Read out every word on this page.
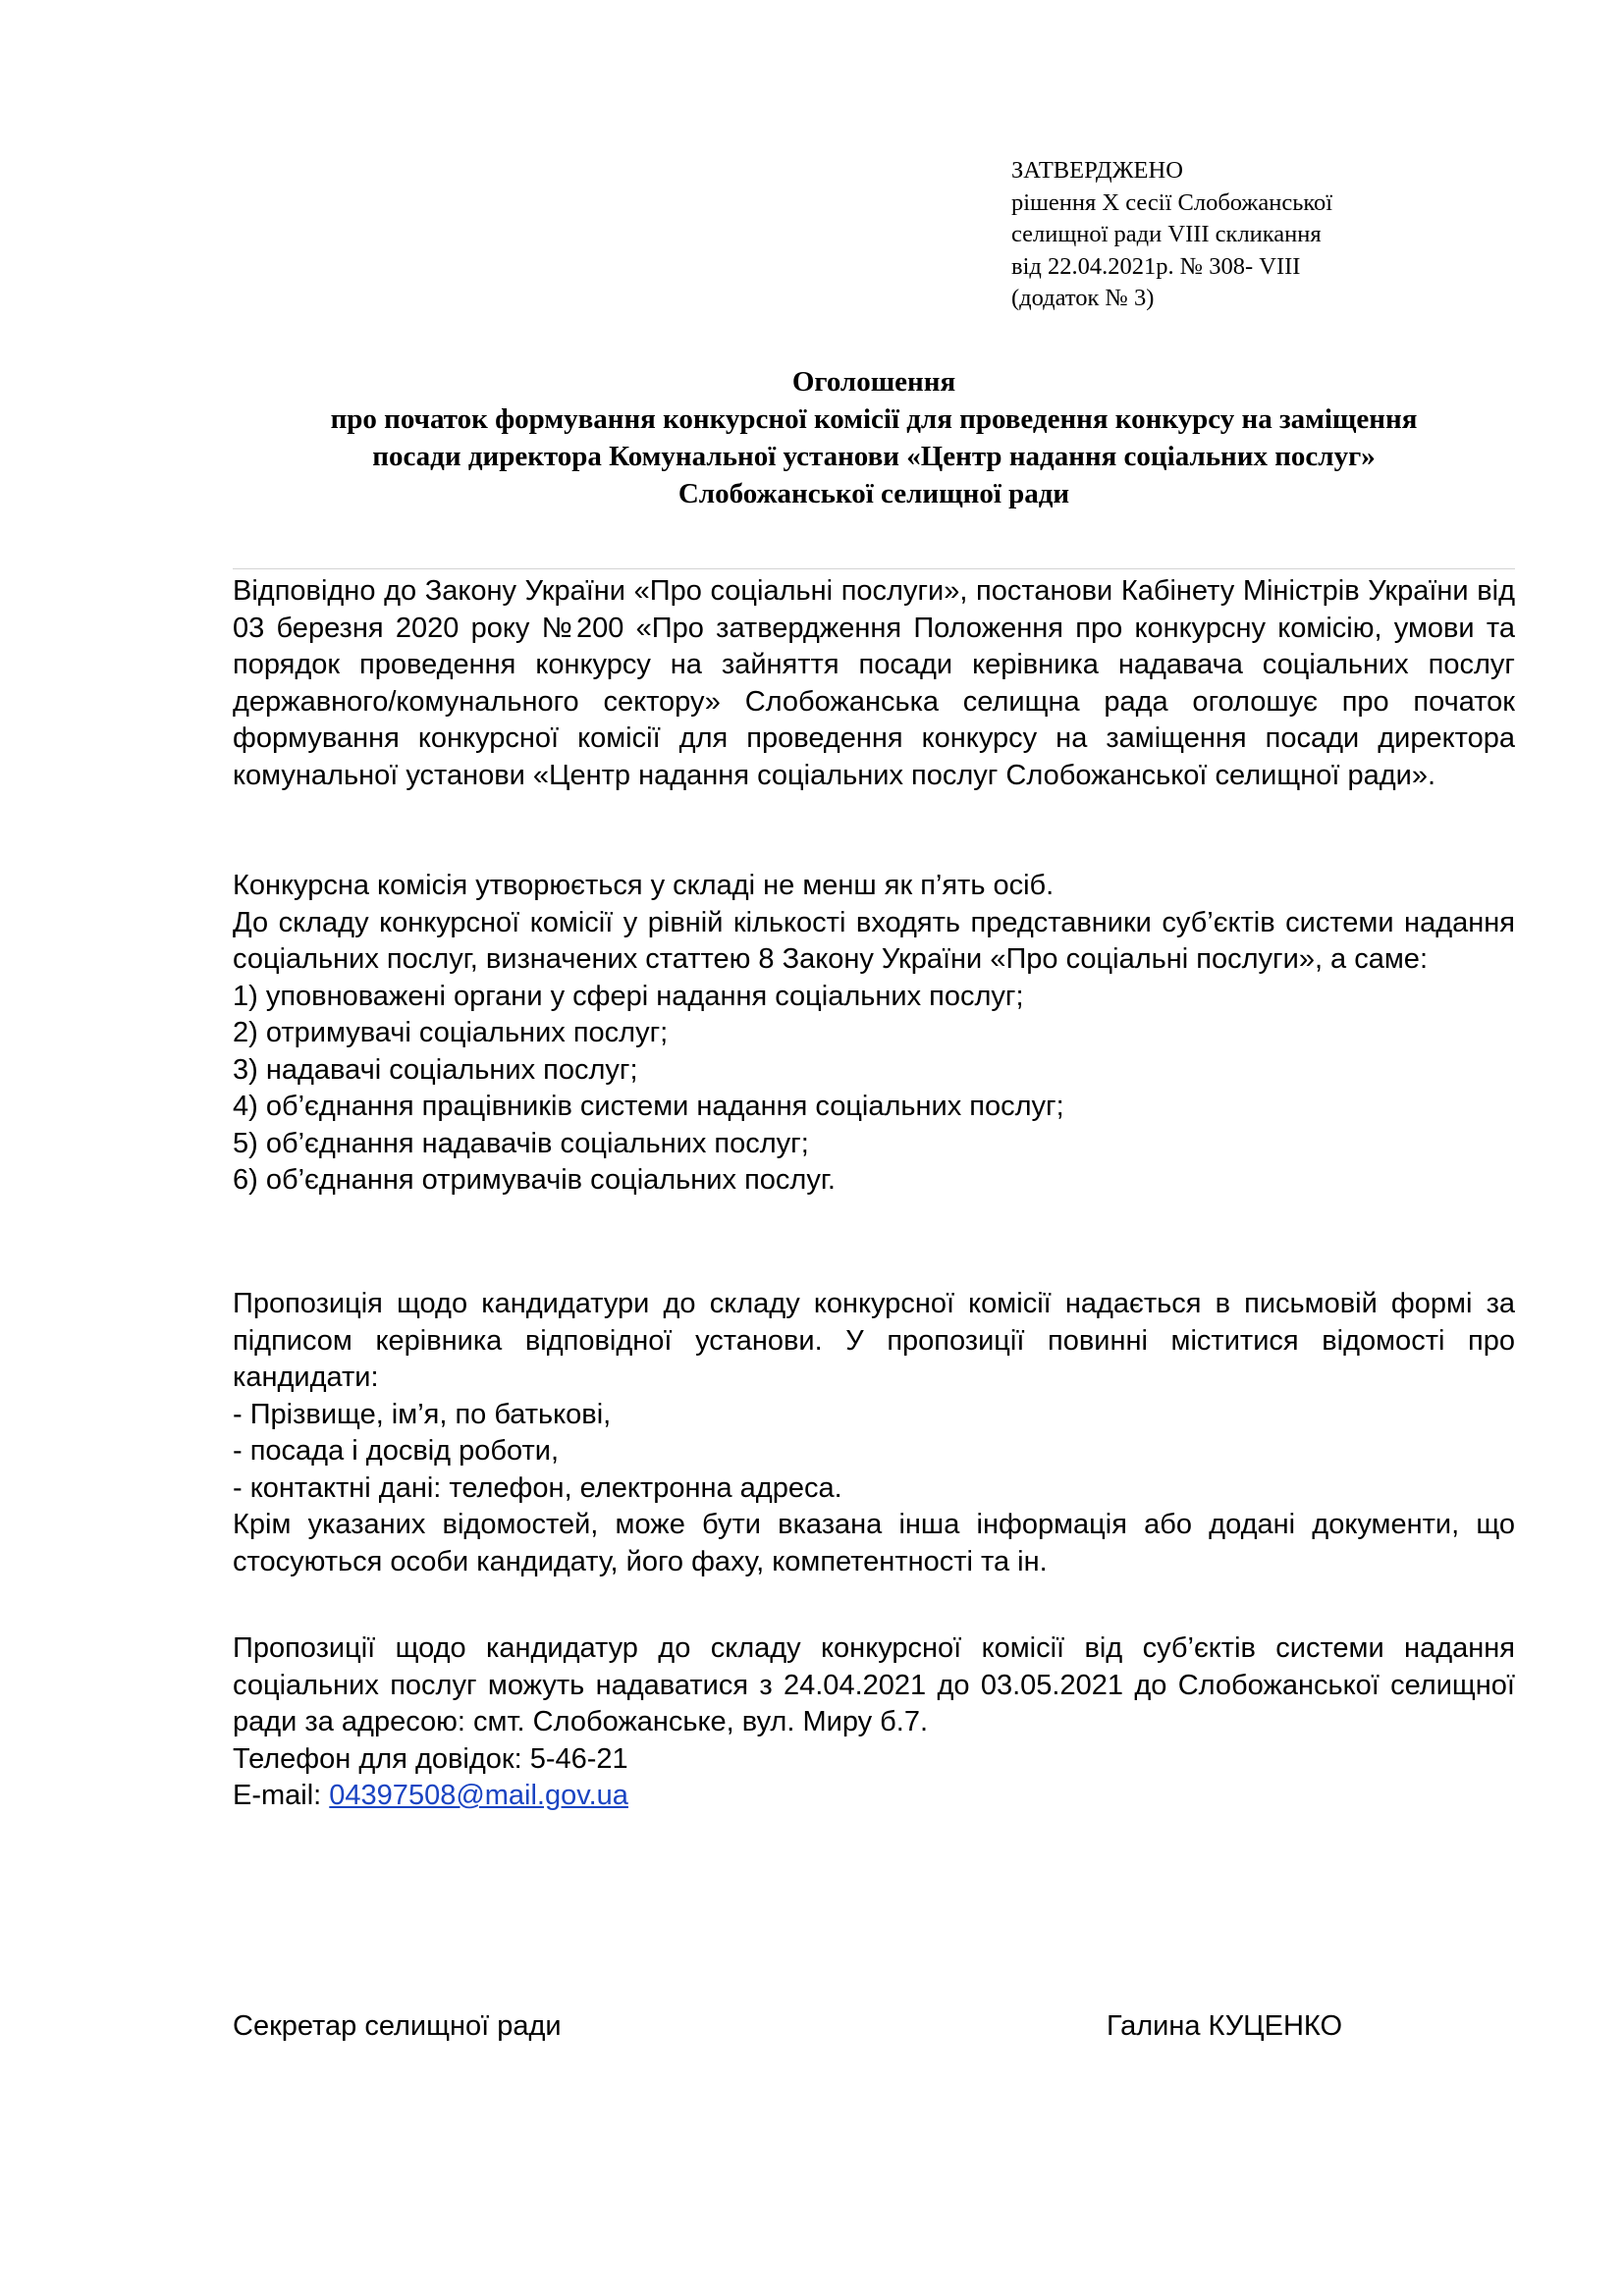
ЗАТВЕРДЖЕНО
рішення Х сесії Слобожанської
селищної ради VIII скликання
від 22.04.2021р. № 308- VIII
(додаток № 3)
Оголошення
про початок формування конкурсної комісії для проведення конкурсу на заміщення
посади директора Комунальної установи «Центр надання соціальних послуг»
Слобожанської селищної ради
Відповідно до Закону України «Про соціальні послуги», постанови Кабінету Міністрів України від 03 березня 2020 року №200 «Про затвердження Положення про конкурсну комісію, умови та порядок проведення конкурсу на зайняття посади керівника надавача соціальних послуг державного/комунального сектору» Слобожанська селищна рада оголошує про початок формування конкурсної комісії для проведення конкурсу на заміщення посади директора комунальної установи «Центр надання соціальних послуг Слобожанської селищної ради».
Конкурсна комісія утворюється у складі не менш як п’ять осіб.
До складу конкурсної комісії у рівній кількості входять представники суб’єктів системи надання соціальних послуг, визначених статтею 8 Закону України «Про соціальні послуги», а саме:
1) уповноважені органи у сфері надання соціальних послуг;
2) отримувачі соціальних послуг;
3) надавачі соціальних послуг;
4) об’єднання працівників системи надання соціальних послуг;
5) об’єднання надавачів соціальних послуг;
6) об’єднання отримувачів соціальних послуг.
Пропозиція щодо кандидатури до складу конкурсної комісії надається в письмовій формі за підписом керівника відповідної установи. У пропозиції повинні міститися відомості про кандидати:
- Прізвище, ім’я, по батькові,
- посада і досвід роботи,
- контактні дані: телефон, електронна адреса.
Крім указаних відомостей, може бути вказана інша інформація або додані документи, що стосуються особи кандидату, його фаху, компетентності та ін.
Пропозиції щодо кандидатур до складу конкурсної комісії від суб’єктів системи надання соціальних послуг можуть надаватися з 24.04.2021 до 03.05.2021 до Слобожанської селищної ради за адресою: смт. Слобожанське, вул. Миру б.7.
Телефон для довідок: 5-46-21
E-mail: 04397508@mail.gov.ua
Секретар селищної ради	Галина КУЦЕНКО
